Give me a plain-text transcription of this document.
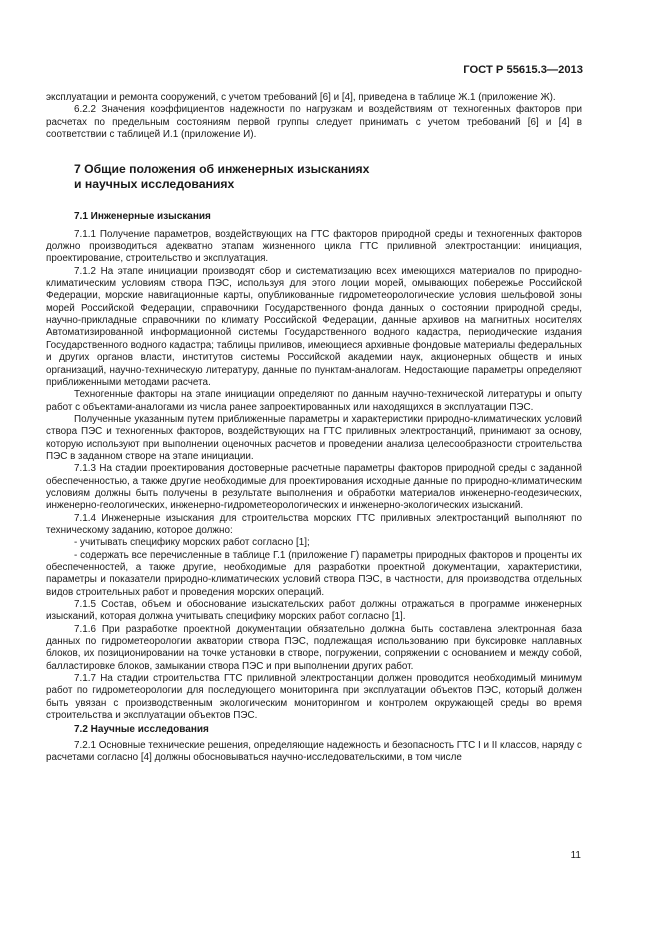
ГОСТ Р 55615.3—2013

эксплуатации и ремонта сооружений, с учетом требований [6] и [4], приведена в таблице Ж.1 (приложение Ж).

6.2.2 Значения коэффициентов надежности по нагрузкам и воздействиям от техногенных факторов при расчетах по предельным состояниям первой группы следует принимать с учетом требований [6] и [4] в соответствии с таблицей И.1 (приложение И).

7 Общие положения об инженерных изысканиях
и научных исследованиях
7.1 Инженерные изыскания

7.1.1 Получение параметров, воздействующих на ГТС факторов природной среды и техногенных факторов должно производиться адекватно этапам жизненного цикла ГТС приливной электростанции: инициация, проектирование, строительство и эксплуатация.

7.1.2 На этапе инициации производят сбор и систематизацию всех имеющихся материалов по природно-климатическим условиям створа ПЭС, используя для этого лоции морей, омывающих побережье Российской Федерации, морские навигационные карты, опубликованные гидрометеорологические условия шельфовой зоны морей Российской Федерации, справочники Государственного фонда данных о состоянии природной среды, научно-прикладные справочники по климату Российской Федерации, данные архивов на магнитных носителях Автоматизированной информационной системы Государственного водного кадастра, периодические издания Государственного водного кадастра; таблицы приливов, имеющиеся архивные фондовые материалы федеральных и других органов власти, институтов системы Российской академии наук, акционерных обществ и иных организаций, научно-техническую литературу, данные по пунктам-аналогам. Недостающие параметры определяют приближенными методами расчета.

Техногенные факторы на этапе инициации определяют по данным научно-технической литературы и опыту работ с объектами-аналогами из числа ранее запроектированных или находящихся в эксплуатации ПЭС.

Полученные указанным путем приближенные параметры и характеристики природно-климатических условий створа ПЭС и техногенных факторов, воздействующих на ГТС приливных электростанций, принимают за основу, которую используют при выполнении оценочных расчетов и проведении анализа целесообразности строительства ПЭС в заданном створе на этапе инициации.

7.1.3 На стадии проектирования достоверные расчетные параметры факторов природной среды с заданной обеспеченностью, а также другие необходимые для проектирования исходные данные по природно-климатическим условиям должны быть получены в результате выполнения и обработки материалов инженерно-геодезических, инженерно-геологических, инженерно-гидрометеорологических и инженерно-экологических изысканий.

7.1.4 Инженерные изыскания для строительства морских ГТС приливных электростанций выполняют по техническому заданию, которое должно:

- учитывать специфику морских работ согласно [1];

- содержать все перечисленные в таблице Г.1 (приложение Г) параметры природных факторов и проценты их обеспеченностей, а также другие, необходимые для разработки проектной документации, характеристики, параметры и показатели природно-климатических условий створа ПЭС, в частности, для производства отдельных видов строительных работ и проведения морских операций.

7.1.5 Состав, объем и обоснование изыскательских работ должны отражаться в программе инженерных изысканий, которая должна учитывать специфику морских работ согласно [1].

7.1.6 При разработке проектной документации обязательно должна быть составлена электронная база данных по гидрометеорологии акватории створа ПЭС, подлежащая использованию при буксировке наплавных блоков, их позиционировании на точке установки в створе, погружении, сопряжении с основанием и между собой, балластировке блоков, замыкании створа ПЭС и при выполнении других работ.

7.1.7 На стадии строительства ГТС приливной электростанции должен проводится необходимый минимум работ по гидрометеорологии для последующего мониторинга при эксплуатации объектов ПЭС, который должен быть увязан с производственным экологическим мониторингом и контролем окружающей среды во время строительства и эксплуатации объектов ПЭС.

7.2 Научные исследования

7.2.1 Основные технические решения, определяющие надежность и безопасность ГТС I и II классов, наряду с расчетами согласно [4] должны обосновываться научно-исследовательскими, в том числе

11
